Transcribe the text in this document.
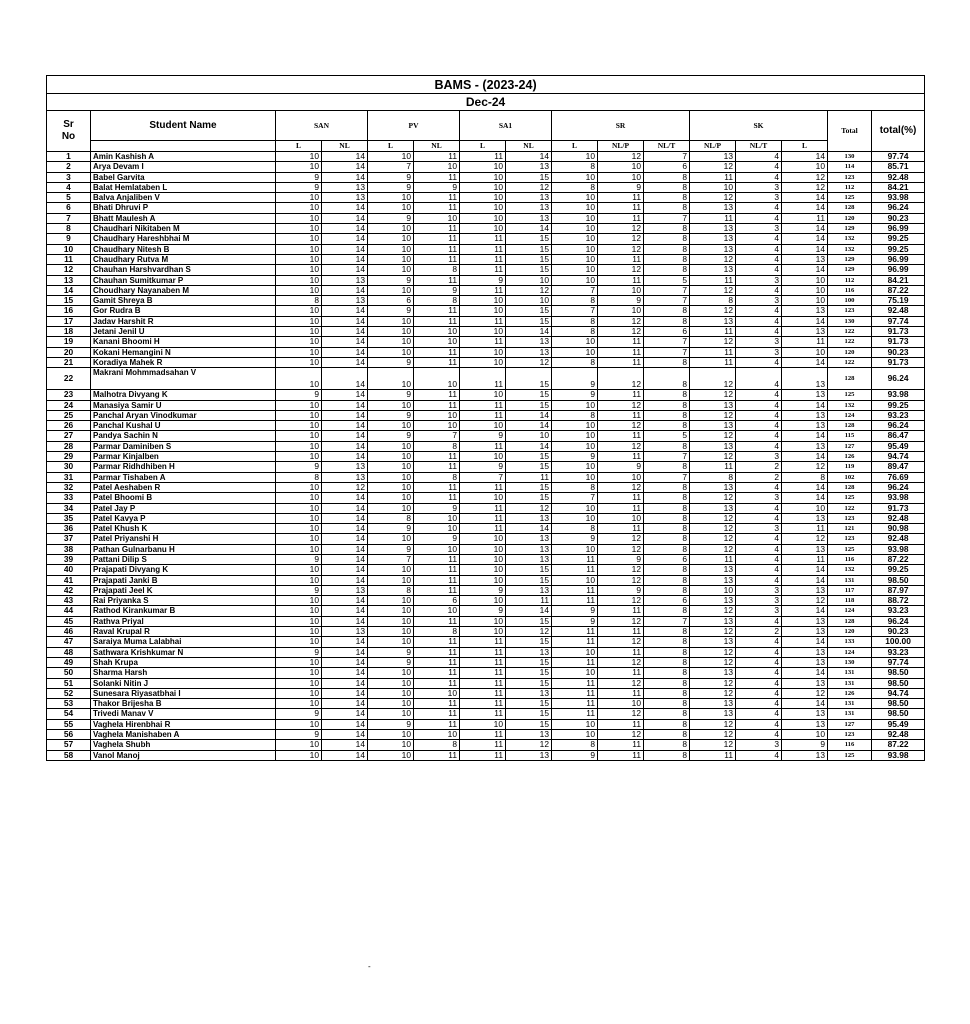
BAMS - (2023-24)															
Dec-24															
Sr
No	Student Name	SAN		PV		SA1		SR			SK			Total	total(%)
		L	NL	L	NL	L	NL	L	NL/P	NL/T	NL/P	NL/T	L		
1	Amin Kashish A	10	14	10	11	11	14	10	12	7	13	4	14	130	97.74
2	Arya Devam I	10	14	7	10	10	13	8	10	6	12	4	10	114	85.71
3	Babel Garvita	9	14	9	11	10	15	10	10	8	11	4	12	123	92.48
4	Balat Hemlataben L	9	13	9	9	10	12	8	9	8	10	3	12	112	84.21
5	Balva Anjaliben V	10	13	10	11	10	13	10	11	8	12	3	14	125	93.98
6	Bhati Dhruvi P	10	14	10	11	10	13	10	11	8	13	4	14	128	96.24
7	Bhatt Maulesh A	10	14	9	10	10	13	10	11	7	11	4	11	120	90.23
8	Chaudhari Nikitaben M	10	14	10	11	10	14	10	12	8	13	3	14	129	96.99
9	Chaudhary Hareshbhai M	10	14	10	11	11	15	10	12	8	13	4	14	132	99.25
10	Chaudhary Nitesh B	10	14	10	11	11	15	10	12	8	13	4	14	132	99.25
11	Chaudhary Rutva M	10	14	10	11	11	15	10	11	8	12	4	13	129	96.99
12	Chauhan Harshvardhan S	10	14	10	8	11	15	10	12	8	13	4	14	129	96.99
13	Chauhan Sumitkumar P	10	13	9	11	9	10	10	11	5	11	3	10	112	84.21
14	Choudhary Nayanaben M	10	14	10	9	11	12	7	10	7	12	4	10	116	87.22
15	Gamit Shreya B	8	13	6	8	10	10	8	9	7	8	3	10	100	75.19
16	Gor Rudra B	10	14	9	11	10	15	7	10	8	12	4	13	123	92.48
17	Jadav Harshit R	10	14	10	11	11	15	8	12	8	13	4	14	130	97.74
18	Jetani Jenil U	10	14	10	10	10	14	8	12	6	11	4	13	122	91.73
19	Kanani Bhoomi H	10	14	10	10	11	13	10	11	7	12	3	11	122	91.73
20	Kokani Hemangini N	10	14	10	11	10	13	10	11	7	11	3	10	120	90.23
21	Koradiya Mahek R	10	14	9	11	10	12	8	11	8	11	4	14	122	91.73
22	Makrani Mohmmadsahan V	10	14	10	10	11	15	9	12	8	12	4	13	128	96.24
23	Malhotra Divyang K	9	14	9	11	10	15	9	11	8	12	4	13	125	93.98
24	Manasiya Samir U	10	14	10	11	11	15	10	12	8	13	4	14	132	99.25
25	Panchal Aryan Vinodkumar	10	14	9	10	11	14	8	11	8	12	4	13	124	93.23
26	Panchal Kushal U	10	14	10	10	10	14	10	12	8	13	4	13	128	96.24
27	Pandya Sachin N	10	14	9	7	9	10	10	11	5	12	4	14	115	86.47
28	Parmar Daminiben S	10	14	10	8	11	14	10	12	8	13	4	13	127	95.49
29	Parmar Kinjalben	10	14	10	11	10	15	9	11	7	12	3	14	126	94.74
30	Parmar Ridhdhiben H	9	13	10	11	9	15	10	9	8	11	2	12	119	89.47
31	Parmar Tishaben A	8	13	10	8	7	11	10	10	7	8	2	8	102	76.69
32	Patel Aeshaben R	10	12	10	11	11	15	8	12	8	13	4	14	128	96.24
33	Patel Bhoomi B	10	14	10	11	10	15	7	11	8	12	3	14	125	93.98
34	Patel Jay P	10	14	10	9	11	12	10	11	8	13	4	10	122	91.73
35	Patel Kavya P	10	14	8	10	11	13	10	10	8	12	4	13	123	92.48
36	Patel Khush K	10	14	9	10	11	14	8	11	8	12	3	11	121	90.98
37	Patel Priyanshi H	10	14	10	9	10	13	9	12	8	12	4	12	123	92.48
38	Pathan Gulnarbanu H	10	14	9	10	10	13	10	12	8	12	4	13	125	93.98
39	Pattani Dilip S	9	14	7	11	10	13	11	9	6	11	4	11	116	87.22
40	Prajapati Divyang K	10	14	10	11	10	15	11	12	8	13	4	14	132	99.25
41	Prajapati Janki B	10	14	10	11	10	15	10	12	8	13	4	14	131	98.50
42	Prajapati Jeel K	9	13	8	11	9	13	11	9	8	10	3	13	117	87.97
43	Rai Priyanka S	10	14	10	6	10	11	11	12	6	13	3	12	118	88.72
44	Rathod Kirankumar B	10	14	10	10	9	14	9	11	8	12	3	14	124	93.23
45	Rathva Priyal	10	14	10	11	10	15	9	12	7	13	4	13	128	96.24
46	Raval Krupal R	10	13	10	8	10	12	11	11	8	12	2	13	120	90.23
47	Saraiya Muma Lalabhai	10	14	10	11	11	15	11	12	8	13	4	14	133	100.00
48	Sathwara Krishkumar N	9	14	9	11	11	13	10	11	8	12	4	13	124	93.23
49	Shah Krupa	10	14	9	11	11	15	11	12	8	12	4	13	130	97.74
50	Sharma Harsh	10	14	10	11	11	15	10	11	8	13	4	14	131	98.50
51	Solanki Nitin J	10	14	10	11	11	15	11	12	8	12	4	13	131	98.50
52	Sunesara Riyasatbhai I	10	14	10	10	11	13	11	11	8	12	4	12	126	94.74
53	Thakor Brijesha B	10	14	10	11	11	15	11	10	8	13	4	14	131	98.50
54	Trivedi Manav V	9	14	10	11	11	15	11	12	8	13	4	13	131	98.50
55	Vaghela Hirenbhai R	10	14	9	11	10	15	10	11	8	12	4	13	127	95.49
56	Vaghela Manishaben A	9	14	10	10	11	13	10	12	8	12	4	10	123	92.48
57	Vaghela Shubh	10	14	10	8	11	12	8	11	8	12	3	9	116	87.22
58	Vanol Manoj	10	14	10	11	11	13	9	11	8	11	4	13	125	93.98
-
